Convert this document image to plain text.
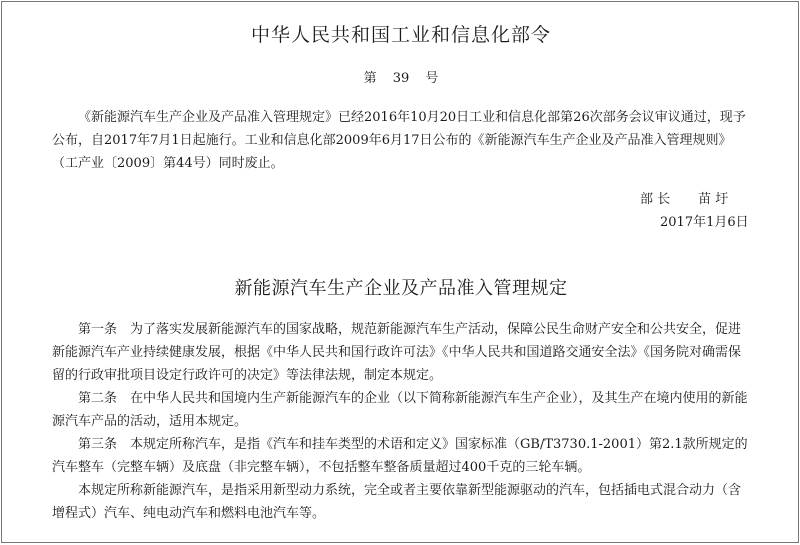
中华人民共和国工业和信息化部令
第 39 号

《新能源汽车生产企业及产品准入管理规定》已经2016年10月20日工业和信息化部第26次部务会议审议通过，现予公布，自2017年7月1日起施行。工业和信息化部2009年6月17日公布的《新能源汽车生产企业及产品准入管理规则》（工产业〔2009〕第44号）同时废止。

部 长 苗 圩
2017年1月6日
新能源汽车生产企业及产品准入管理规定

第一条　 为了落实发展新能源汽车的国家战略，规范新能源汽车生产活动，保障公民生命财产安全和公共安全，促进新能源汽车产业持续健康发展，根据《中华人民共和国行政许可法》《中华人民共和国道路交通安全法》《国务院对确需保留的行政审批项目设定行政许可的决定》等法律法规，制定本规定。

第二条　 在中华人民共和国境内生产新能源汽车的企业（以下简称新能源汽车生产企业），及其生产在境内使用的新能源汽车产品的活动，适用本规定。

第三条　 本规定所称汽车，是指《汽车和挂车类型的术语和定义》国家标准（GB/T3730.1-2001）第2.1款所规定的汽车整车（完整车辆）及底盘（非完整车辆），不包括整车整备质量超过400千克的三轮车辆。

本规定所称新能源汽车，是指采用新型动力系统，完全或者主要依靠新型能源驱动的汽车，包括插电式混合动力（含增程式）汽车、纯电动汽车和燃料电池汽车等。
